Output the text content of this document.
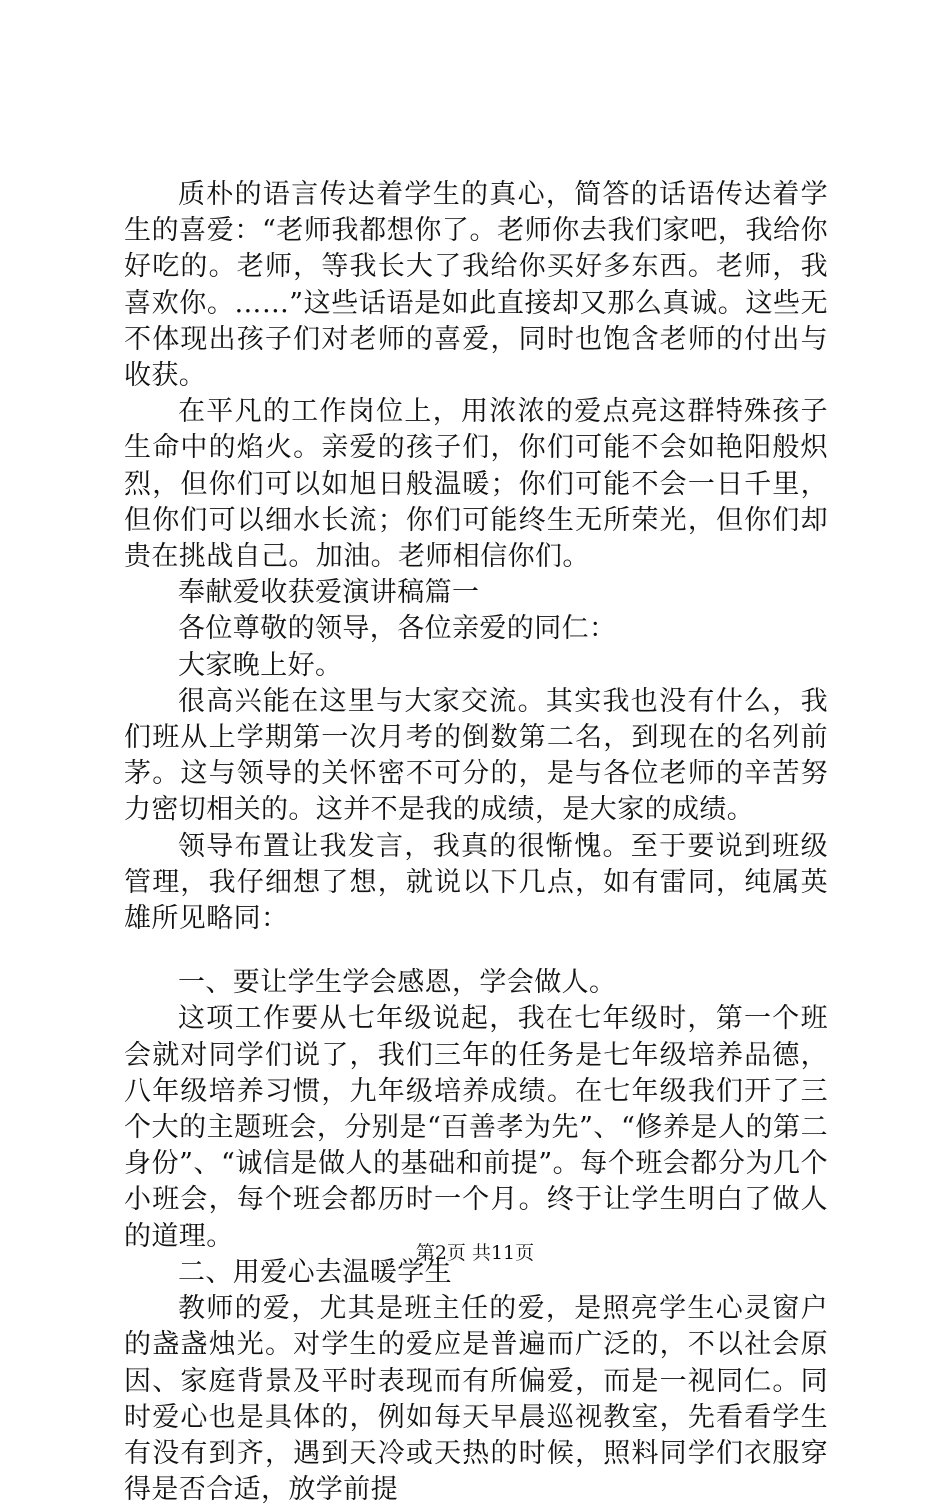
质朴的语言传达着学生的真心，简答的话语传达着学生的喜爱：“老师我都想你了。老师你去我们家吧，我给你好吃的。老师，等我长大了我给你买好多东西。老师，我喜欢你。……”这些话语是如此直接却又那么真诚。这些无不体现出孩子们对老师的喜爱，同时也饱含老师的付出与收获。

在平凡的工作岗位上，用浓浓的爱点亮这群特殊孩子生命中的焰火。亲爱的孩子们，你们可能不会如艳阳般炽烈，但你们可以如旭日般温暖；你们可能不会一日千里，但你们可以细水长流；你们可能终生无所荣光，但你们却贵在挑战自己。加油。老师相信你们。

奉献爱收获爱演讲稿篇一

各位尊敬的领导，各位亲爱的同仁：

大家晚上好。

很高兴能在这里与大家交流。其实我也没有什么，我们班从上学期第一次月考的倒数第二名，到现在的名列前茅。这与领导的关怀密不可分的，是与各位老师的辛苦努力密切相关的。这并不是我的成绩，是大家的成绩。

领导布置让我发言，我真的很惭愧。至于要说到班级管理，我仔细想了想，就说以下几点，如有雷同，纯属英雄所见略同：

一、要让学生学会感恩，学会做人。

这项工作要从七年级说起，我在七年级时，第一个班会就对同学们说了，我们三年的任务是七年级培养品德，八年级培养习惯，九年级培养成绩。在七年级我们开了三个大的主题班会，分别是“百善孝为先”、“修养是人的第二身份”、“诚信是做人的基础和前提”。每个班会都分为几个小班会，每个班会都历时一个月。终于让学生明白了做人的道理。

二、用爱心去温暖学生

教师的爱，尤其是班主任的爱，是照亮学生心灵窗户的盏盏烛光。对学生的爱应是普遍而广泛的，不以社会原因、家庭背景及平时表现而有所偏爱，而是一视同仁。同时爱心也是具体的，例如每天早晨巡视教室，先看看学生有没有到齐，遇到天冷或天热的时候，照料同学们衣服穿得是否合适，放学前提

第2页 共11页
